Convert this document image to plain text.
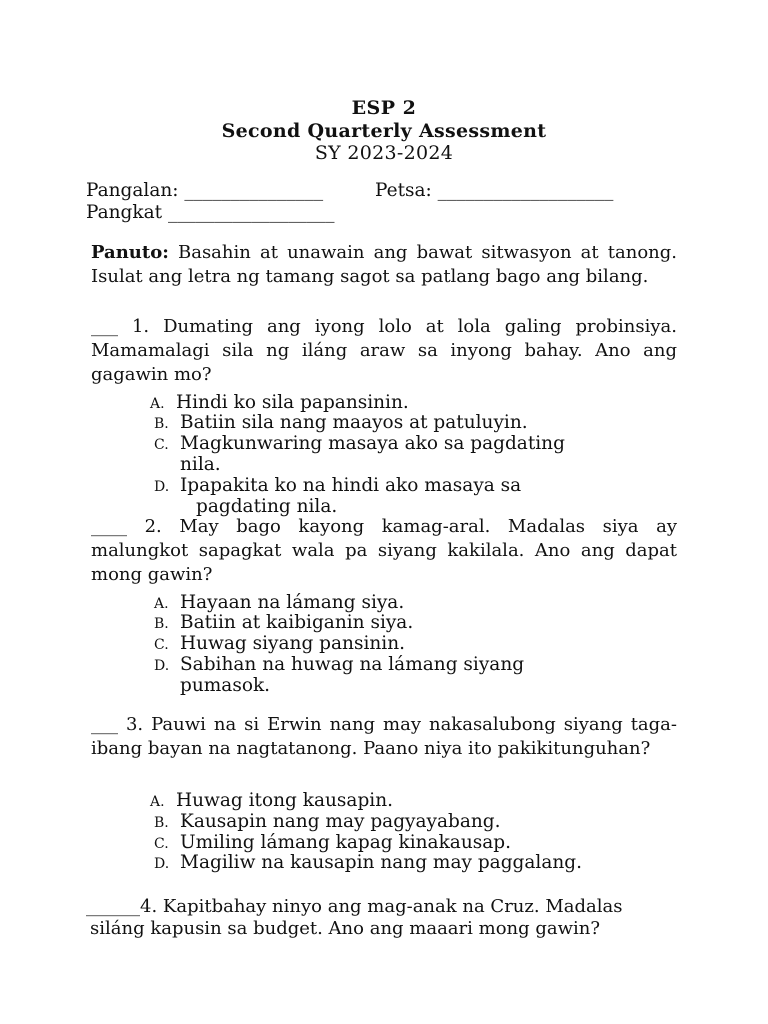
ESP 2
Second Quarterly Assessment
SY 2023-2024
Pangalan: _______________	Petsa: ___________________
Pangkat __________________
Panuto: Basahin at unawain ang bawat sitwasyon at tanong. Isulat ang letra ng tamang sagot sa patlang bago ang bilang.
___ 1. Dumating ang iyong lolo at lola galing probinsiya. Mamamalagi sila ng iláng araw sa inyong bahay. Ano ang gagawin mo?
A. Hindi ko sila papansinin.
B. Batiin sila nang maayos at patuluyin.
C. Magkunwaring masaya ako sa pagdating
nila.
D. Ipapakita ko na hindi ako masaya sa
pagdating nila.
____ 2. May bago kayong kamag-aral. Madalas siya ay malungkot sapagkat wala pa siyang kakilala. Ano ang dapat mong gawin?
A. Hayaan na lámang siya.
B. Batiin at kaibiganin siya.
C. Huwag siyang pansinin.
D. Sabihan na huwag na lámang siyang
pumasok.
___ 3. Pauwi na si Erwin nang may nakasalubong siyang taga-ibang bayan na nagtatanong. Paano niya ito pakikitunguhan?
A. Huwag itong kausapin.
B. Kausapin nang may pagyayabang.
C. Umiling lámang kapag kinakausap.
D. Magiliw na kausapin nang may paggalang.
______4. Kapitbahay ninyo ang mag-anak na Cruz. Madalas
siláng kapusin sa budget. Ano ang maaari mong gawin?
